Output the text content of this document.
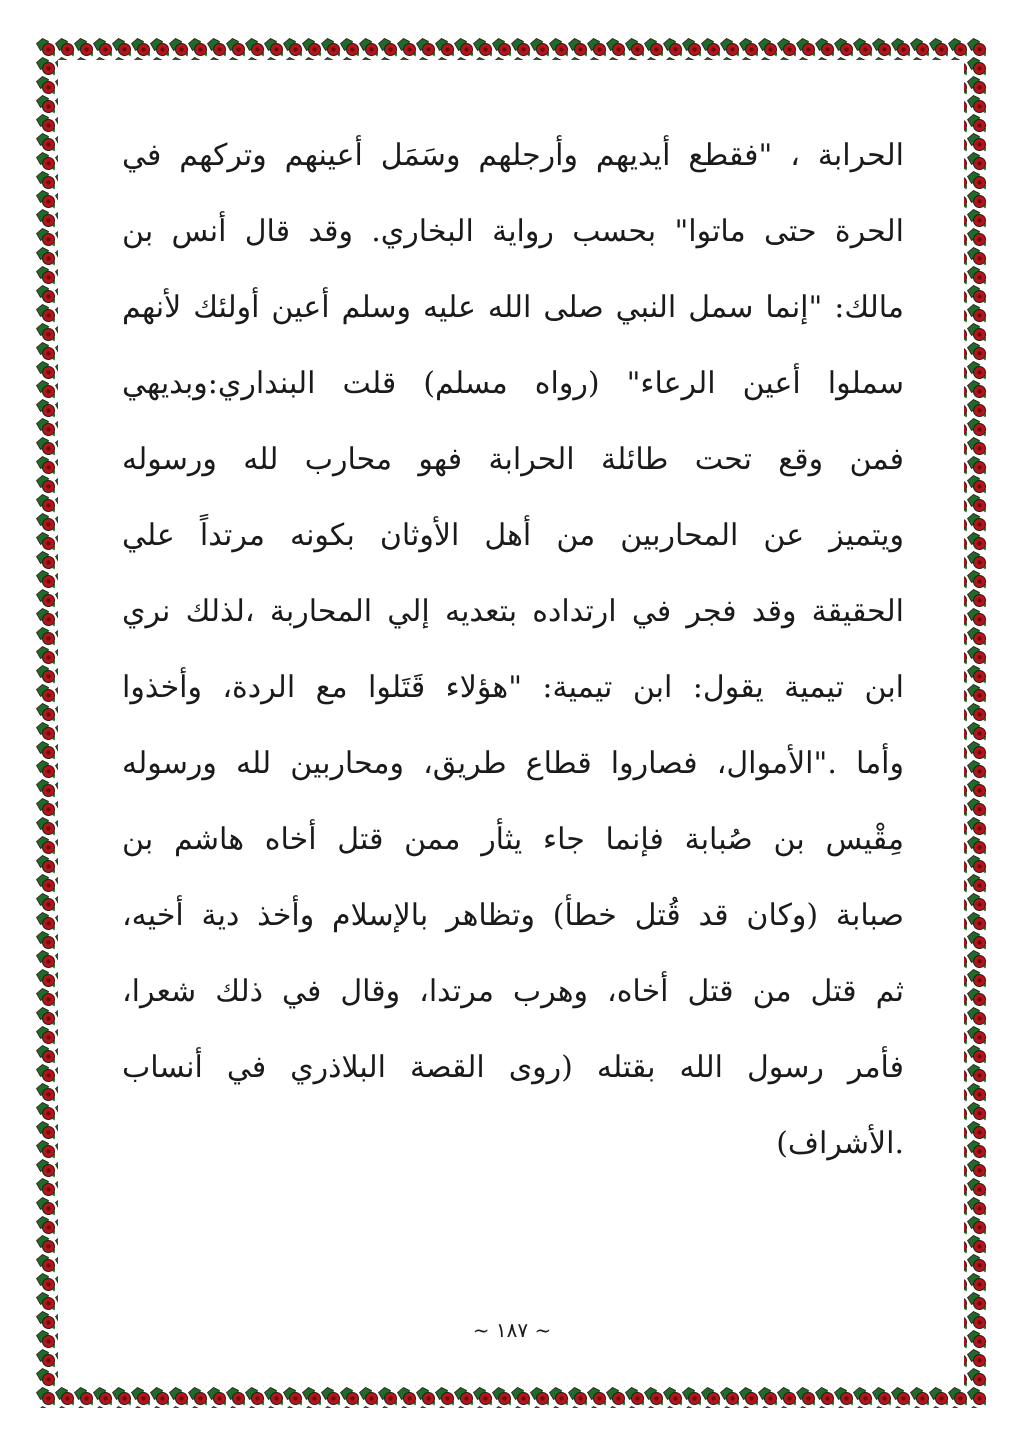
الحرابة ، "فقطع أيديهم وأرجلهم وسَمَل أعينهم وتركهم في
الحرة حتى ماتوا" بحسب رواية البخاري. وقد قال أنس بن
مالك: "إنما سمل النبي صلى الله عليه وسلم أعين أولئك لأنهم
سملوا أعين الرعاء" (رواه مسلم) قلت البنداري:وبديهي
فمن وقع تحت طائلة الحرابة فهو محارب لله ورسوله
ويتميز عن المحاربين من أهل الأوثان بكونه مرتداً علي
الحقيقة وقد فجر في ارتداده بتعديه إلي المحاربة ،لذلك نري
ابن تيمية يقول: ابن تيمية: "هؤلاء قَتَلوا مع الردة، وأخذوا
وأما ."الأموال، فصاروا قطاع طريق، ومحاربين لله ورسوله
مِقْيس بن صُبابة فإنما جاء يثأر ممن قتل أخاه هاشم بن
صبابة (وكان قد قُتل خطأ) وتظاهر بالإسلام وأخذ دية أخيه،
ثم قتل من قتل أخاه، وهرب مرتدا، وقال في ذلك شعرا،
فأمر رسول الله بقتله (روى القصة البلاذري في أنساب
.الأشراف)
~ ١٨٧ ~
